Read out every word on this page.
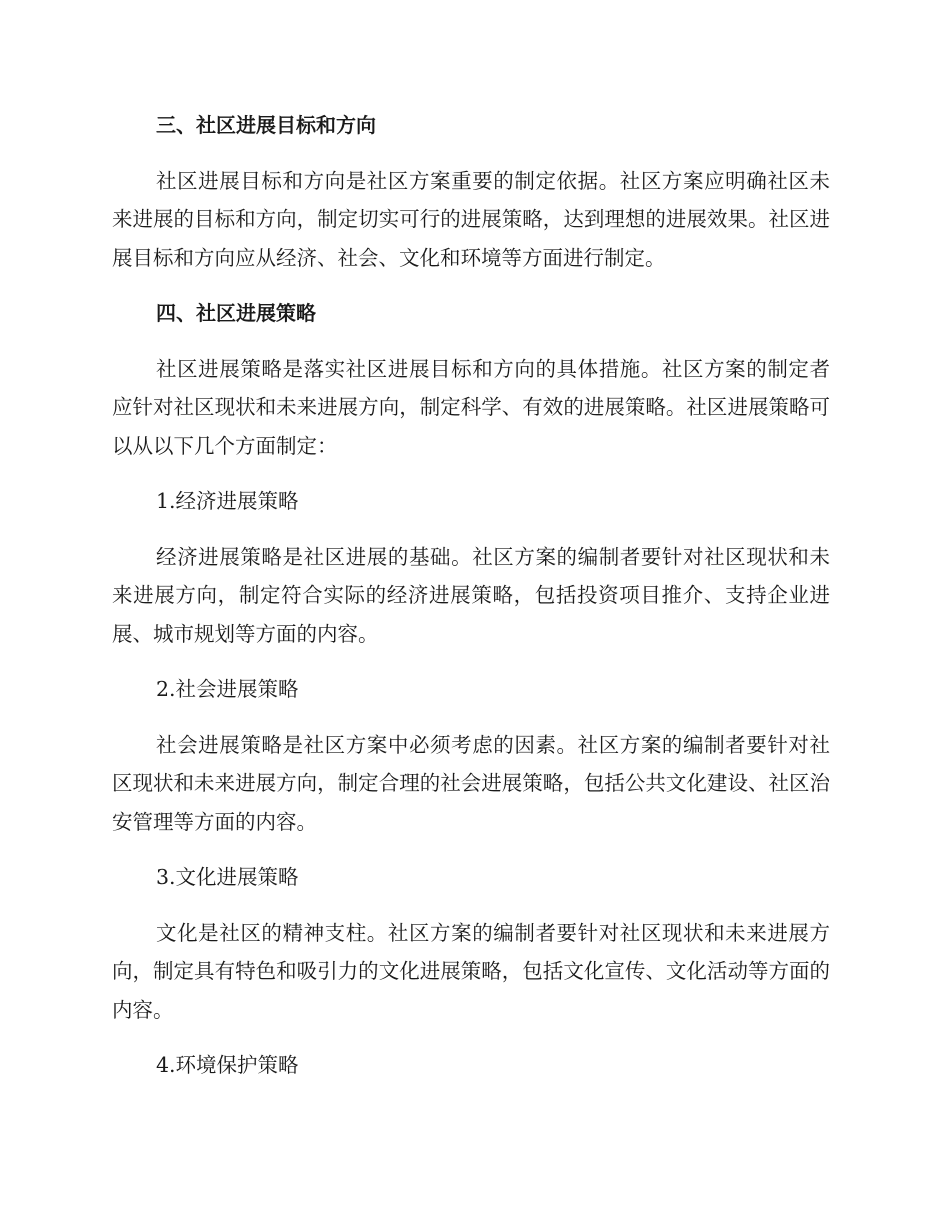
三、社区进展目标和方向

社区进展目标和方向是社区方案重要的制定依据。社区方案应明确社区未来进展的目标和方向，制定切实可行的进展策略，达到理想的进展效果。社区进展目标和方向应从经济、社会、文化和环境等方面进行制定。

四、社区进展策略

社区进展策略是落实社区进展目标和方向的具体措施。社区方案的制定者应针对社区现状和未来进展方向，制定科学、有效的进展策略。社区进展策略可以从以下几个方面制定：

1.经济进展策略

经济进展策略是社区进展的基础。社区方案的编制者要针对社区现状和未来进展方向，制定符合实际的经济进展策略，包括投资项目推介、支持企业进展、城市规划等方面的内容。

2.社会进展策略

社会进展策略是社区方案中必须考虑的因素。社区方案的编制者要针对社区现状和未来进展方向，制定合理的社会进展策略，包括公共文化建设、社区治安管理等方面的内容。

3.文化进展策略

文化是社区的精神支柱。社区方案的编制者要针对社区现状和未来进展方向，制定具有特色和吸引力的文化进展策略，包括文化宣传、文化活动等方面的内容。

4.环境保护策略
